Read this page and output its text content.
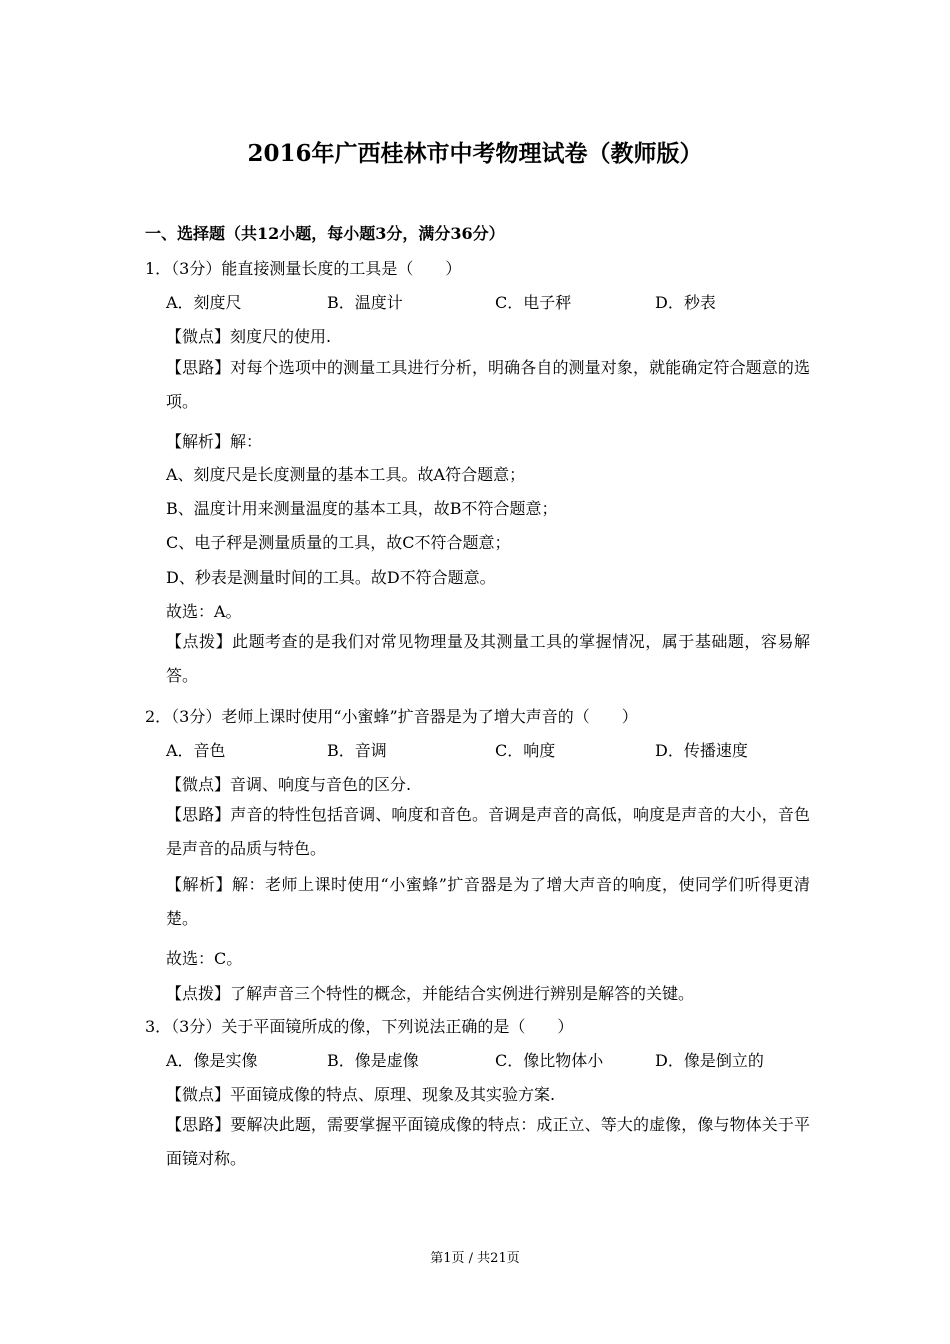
2016年广西桂林市中考物理试卷（教师版）
一、选择题（共12小题，每小题3分，满分36分）
1．（3分）能直接测量长度的工具是（　　）
A．刻度尺	B．温度计	C．电子秤	D．秒表
【微点】刻度尺的使用.
【思路】对每个选项中的测量工具进行分析，明确各自的测量对象，就能确定符合题意的选项。
【解析】解：
A、刻度尺是长度测量的基本工具。故A符合题意；
B、温度计用来测量温度的基本工具，故B不符合题意；
C、电子秤是测量质量的工具，故C不符合题意；
D、秒表是测量时间的工具。故D不符合题意。
故选：A。
【点拨】此题考查的是我们对常见物理量及其测量工具的掌握情况，属于基础题，容易解答。
2．（3分）老师上课时使用“小蜜蜂”扩音器是为了增大声音的（　　）
A．音色	B．音调	C．响度	D．传播速度
【微点】音调、响度与音色的区分.
【思路】声音的特性包括音调、响度和音色。音调是声音的高低，响度是声音的大小，音色是声音的品质与特色。
【解析】解：老师上课时使用“小蜜蜂”扩音器是为了增大声音的响度，使同学们听得更清楚。
故选：C。
【点拨】了解声音三个特性的概念，并能结合实例进行辨别是解答的关键。
3．（3分）关于平面镜所成的像，下列说法正确的是（　　）
A．像是实像	B．像是虚像	C．像比物体小	D．像是倒立的
【微点】平面镜成像的特点、原理、现象及其实验方案.
【思路】要解决此题，需要掌握平面镜成像的特点：成正立、等大的虚像，像与物体关于平面镜对称。
第1页 / 共21页
